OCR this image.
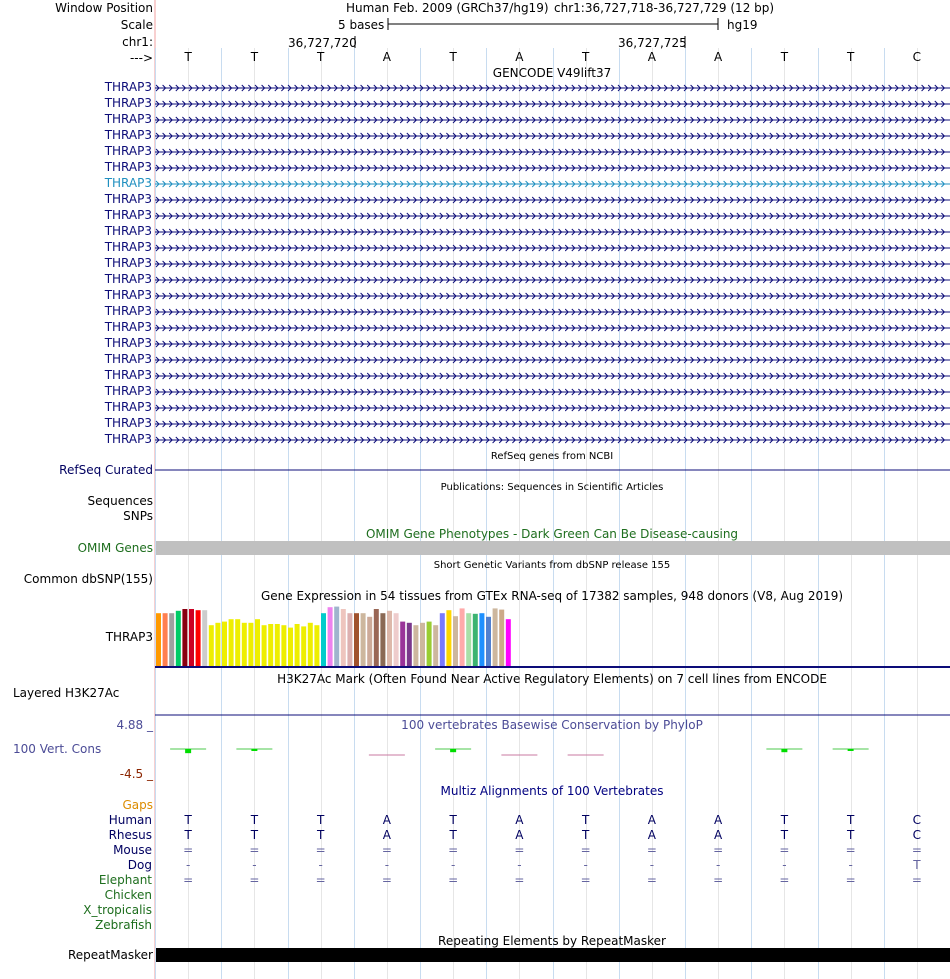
Window Position	Human Feb. 2009 (GRCh37/hg19) chr1:36,727,718-36,727,729 (12 bp)
Scale	5 bases	hg19
chr1:	36,727,720	36,727,725
--->
GENCODE V49lift37
RefSeq genes from NCBI
RefSeq Curated
Publications: Sequences in Scientific Articles
Sequences
SNPs
OMIM Gene Phenotypes - Dark Green Can Be Disease-causing
OMIM Genes
Short Genetic Variants from dbSNP release 155
Common dbSNP(155)
Gene Expression in 54 tissues from GTEx RNA-seq of 17382 samples, 948 donors (V8, Aug 2019)
THRAP3
H3K27Ac Mark (Often Found Near Active Regulatory Elements) on 7 cell lines from ENCODE
Layered H3K27Ac
100 vertebrates Basewise Conservation by PhyloP
4.88 _
100 Vert. Cons
-4.5 _
Multiz Alignments of 100 Vertebrates
Gaps
Repeating Elements by RepeatMasker
RepeatMasker
T	T	T	A	T	A	T	A	A	T	T	C
THRAP3
THRAP3
THRAP3
THRAP3
THRAP3
THRAP3
THRAP3
THRAP3
THRAP3
THRAP3
THRAP3
THRAP3
THRAP3
THRAP3
THRAP3
THRAP3
THRAP3
THRAP3
THRAP3
THRAP3
THRAP3
THRAP3
THRAP3
Human	T	T	T	A	T	A	T	A	A	T	T	C
Rhesus	T	T	T	A	T	A	T	A	A	T	T	C
Mouse	=	=	=	=	=	=	=	=	=	=	=	=
Dog	-	-	-	-	-	-	-	-	-	-	-	T
Elephant	=	=	=	=	=	=	=	=	=	=	=	=
Chicken
X_tropicalis
Zebrafish
